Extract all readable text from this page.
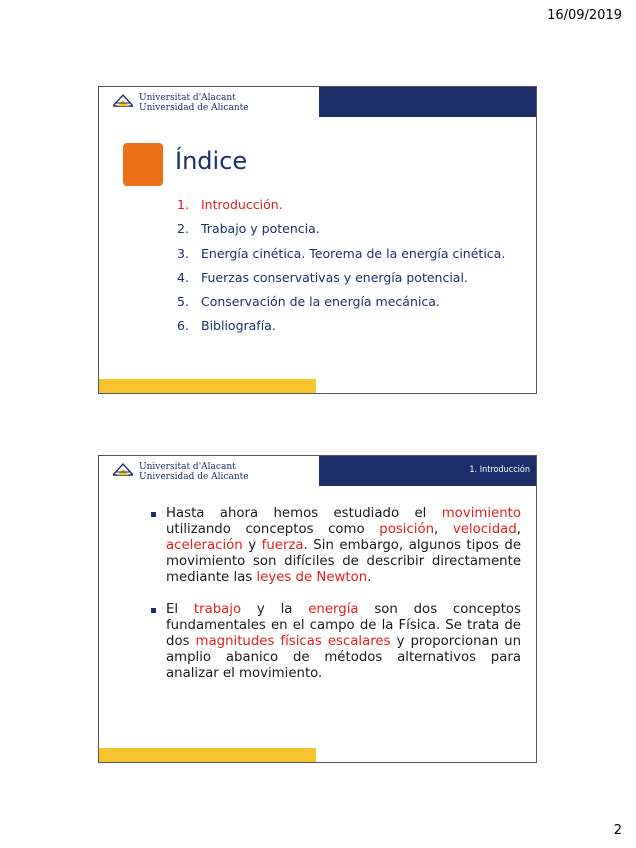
16/09/2019
Universitat d'Alacant
Universidad de Alicante
Índice
1. Introducción.
2. Trabajo y potencia.
3. Energía cinética. Teorema de la energía cinética.
4. Fuerzas conservativas y energía potencial.
5. Conservación de la energía mecánica.
6. Bibliografía.
Universitat d'Alacant
Universidad de Alicante
1. Introducción
Hasta ahora hemos estudiado el movimiento utilizando conceptos como posición, velocidad, aceleración y fuerza. Sin embargo, algunos tipos de movimiento son difíciles de describir directamente mediante las leyes de Newton.
El trabajo y la energía son dos conceptos fundamentales en el campo de la Física. Se trata de dos magnitudes físicas escalares y proporcionan un amplio abanico de métodos alternativos para analizar el movimiento.
2
